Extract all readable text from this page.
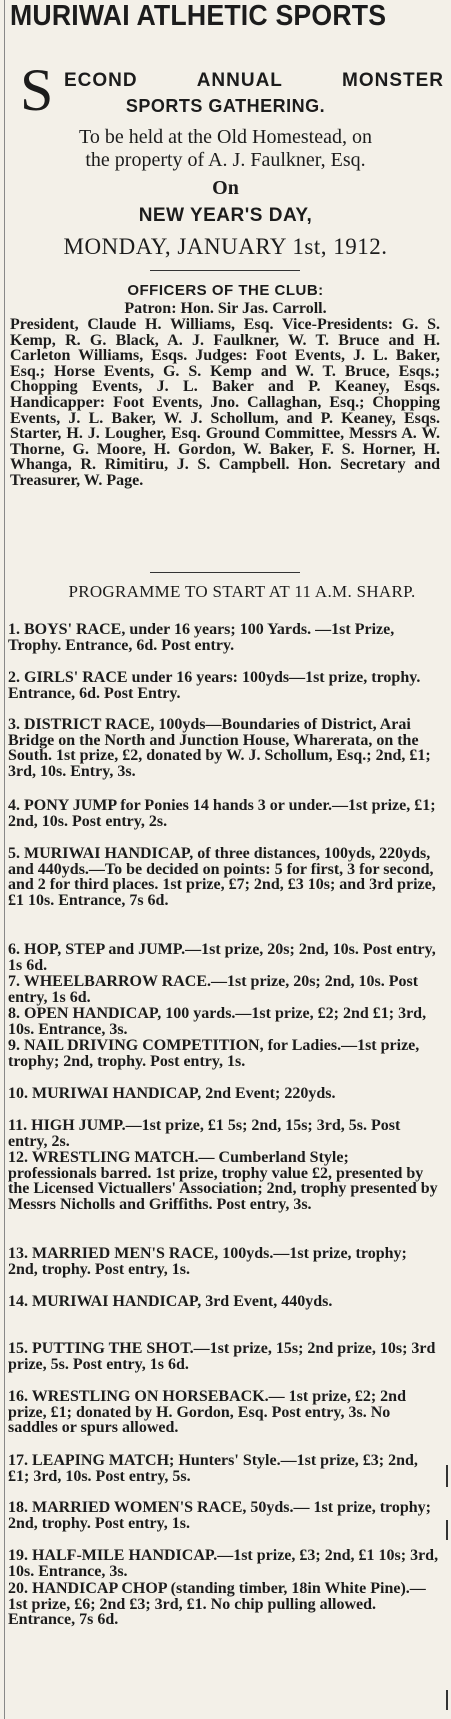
MURIWAI ATLHETIC SPORTS
S ECOND	ANNUAL	MONSTER
SPORTS GATHERING.
To be held at the Old Homestead, on
the property of A. J. Faulkner, Esq.
On
NEW YEAR'S DAY,
MONDAY, JANUARY 1st, 1912.
OFFICERS OF THE CLUB:
Patron: Hon. Sir Jas. Carroll.
President, Claude H. Williams, Esq. Vice-Presidents: G. S. Kemp, R. G. Black, A. J. Faulkner, W. T. Bruce and H. Carleton Williams, Esqs. Judges: Foot Events, J. L. Baker, Esq.; Horse Events, G. S. Kemp and W. T. Bruce, Esqs.; Chopping Events, J. L. Baker and P. Keaney, Esqs. Handicapper: Foot Events, Jno. Callaghan, Esq.; Chopping Events, J. L. Baker, W. J. Schollum, and P. Keaney, Esqs. Starter, H. J. Lougher, Esq. Ground Committee, Messrs A. W. Thorne, G. Moore, H. Gordon, W. Baker, F. S. Horner, H. Whanga, R. Rimitiru, J. S. Campbell. Hon. Secretary and Treasurer, W. Page.
PROGRAMME TO START AT 11 A.M. SHARP.
1. BOYS' RACE, under 16 years; 100 Yards. —1st Prize, Trophy. Entrance, 6d. Post entry.
2. GIRLS' RACE under 16 years: 100yds—1st prize, trophy. Entrance, 6d. Post Entry.
3. DISTRICT RACE, 100yds—Boundaries of District, Arai Bridge on the North and Junction House, Wharerata, on the South. 1st prize, £2, donated by W. J. Schollum, Esq.; 2nd, £1; 3rd, 10s. Entry, 3s.
4. PONY JUMP for Ponies 14 hands 3 or under.—1st prize, £1; 2nd, 10s. Post entry, 2s.
5. MURIWAI HANDICAP, of three distances, 100yds, 220yds, and 440yds.—To be decided on points: 5 for first, 3 for second, and 2 for third places. 1st prize, £7; 2nd, £3 10s; and 3rd prize, £1 10s. Entrance, 7s 6d.
6. HOP, STEP and JUMP.—1st prize, 20s; 2nd, 10s. Post entry, 1s 6d.
7. WHEELBARROW RACE.—1st prize, 20s; 2nd, 10s. Post entry, 1s 6d.
8. OPEN HANDICAP, 100 yards.—1st prize, £2; 2nd £1; 3rd, 10s. Entrance, 3s.
9. NAIL DRIVING COMPETITION, for Ladies.—1st prize, trophy; 2nd, trophy. Post entry, 1s.
10. MURIWAI HANDICAP, 2nd Event; 220yds.
11. HIGH JUMP.—1st prize, £1 5s; 2nd, 15s; 3rd, 5s. Post entry, 2s.
12. WRESTLING MATCH.— Cumberland Style; professionals barred. 1st prize, trophy value £2, presented by the Licensed Victuallers' Association; 2nd, trophy presented by Messrs Nicholls and Griffiths. Post entry, 3s.
13. MARRIED MEN'S RACE, 100yds.—1st prize, trophy; 2nd, trophy. Post entry, 1s.
14. MURIWAI HANDICAP, 3rd Event, 440yds.
15. PUTTING THE SHOT.—1st prize, 15s; 2nd prize, 10s; 3rd prize, 5s. Post entry, 1s 6d.
16. WRESTLING ON HORSEBACK.— 1st prize, £2; 2nd prize, £1; donated by H. Gordon, Esq. Post entry, 3s. No saddles or spurs allowed.
17. LEAPING MATCH; Hunters' Style.—1st prize, £3; 2nd, £1; 3rd, 10s. Post entry, 5s.
18. MARRIED WOMEN'S RACE, 50yds.— 1st prize, trophy; 2nd, trophy. Post entry, 1s.
19. HALF-MILE HANDICAP.—1st prize, £3; 2nd, £1 10s; 3rd, 10s. Entrance, 3s.
20. HANDICAP CHOP (standing timber, 18in White Pine).—1st prize, £6; 2nd £3; 3rd, £1. No chip pulling allowed. Entrance, 7s 6d.
